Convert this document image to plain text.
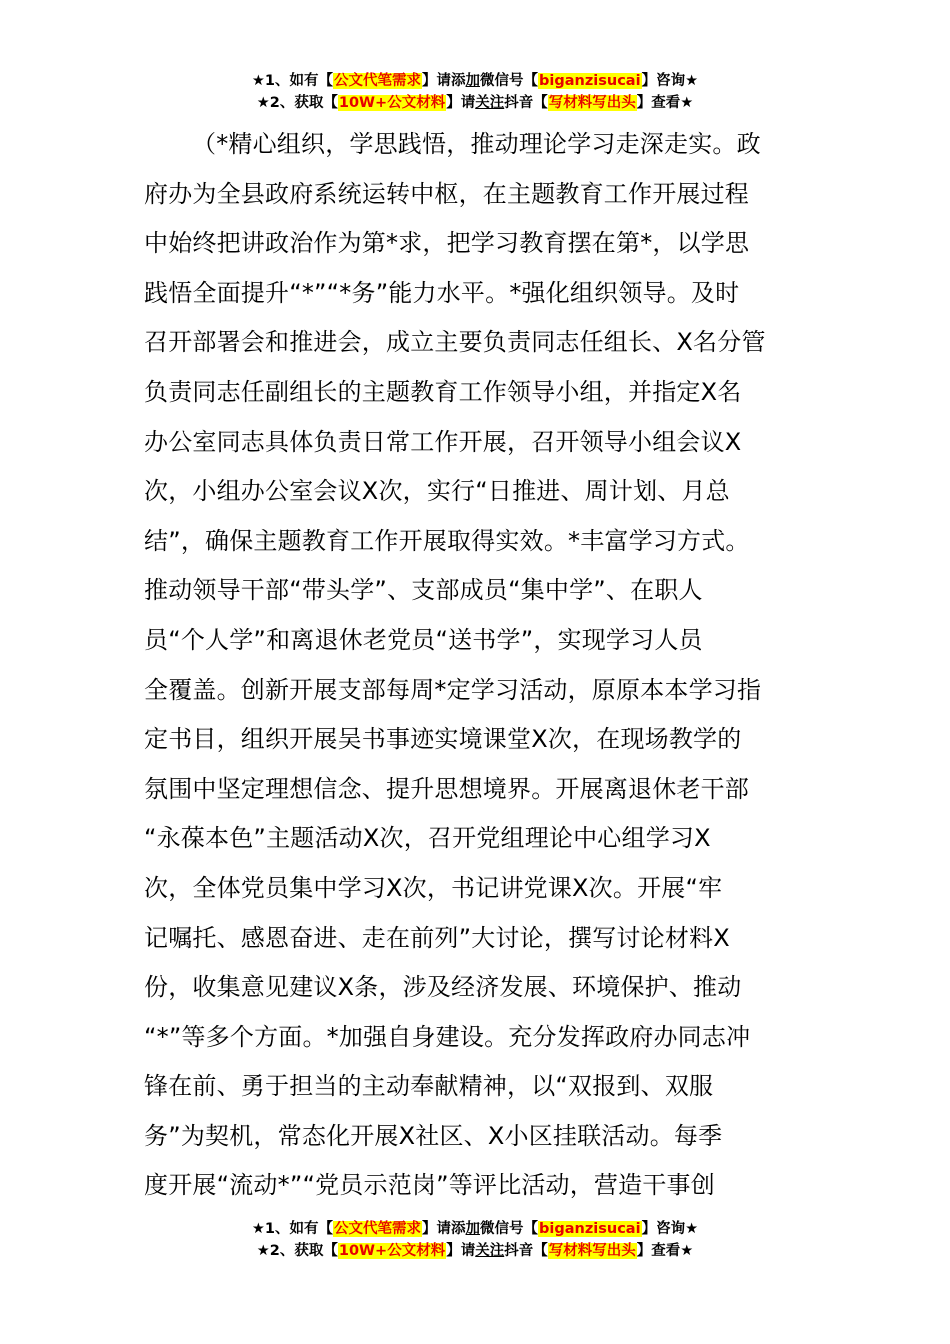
★1、如有【公文代笔需求】请添加微信号【biganzisucai】咨询★
★2、获取【10W+公文材料】请关注抖音【写材料写出头】查看★
（*精心组织，学思践悟，推动理论学习走深走实。政
府办为全县政府系统运转中枢，在主题教育工作开展过程
中始终把讲政治作为第*求，把学习教育摆在第*，以学思
践悟全面提升“*”“*务”能力水平。*强化组织领导。及时
召开部署会和推进会，成立主要负责同志任组长、X名分管
负责同志任副组长的主题教育工作领导小组，并指定X名
办公室同志具体负责日常工作开展，召开领导小组会议X
次，小组办公室会议X次，实行“日推进、周计划、月总
结”，确保主题教育工作开展取得实效。*丰富学习方式。
推动领导干部“带头学”、支部成员“集中学”、在职人
员“个人学”和离退休老党员“送书学”，实现学习人员
全覆盖。创新开展支部每周*定学习活动，原原本本学习指
定书目，组织开展吴书事迹实境课堂X次，在现场教学的
氛围中坚定理想信念、提升思想境界。开展离退休老干部
“永葆本色”主题活动X次，召开党组理论中心组学习X
次，全体党员集中学习X次，书记讲党课X次。开展“牢
记嘱托、感恩奋进、走在前列”大讨论，撰写讨论材料X
份，收集意见建议X条，涉及经济发展、环境保护、推动
“*”等多个方面。*加强自身建设。充分发挥政府办同志冲
锋在前、勇于担当的主动奉献精神，以“双报到、双服
务”为契机，常态化开展X社区、X小区挂联活动。每季
度开展“流动*”“党员示范岗”等评比活动，营造干事创
★1、如有【公文代笔需求】请添加微信号【biganzisucai】咨询★
★2、获取【10W+公文材料】请关注抖音【写材料写出头】查看★
